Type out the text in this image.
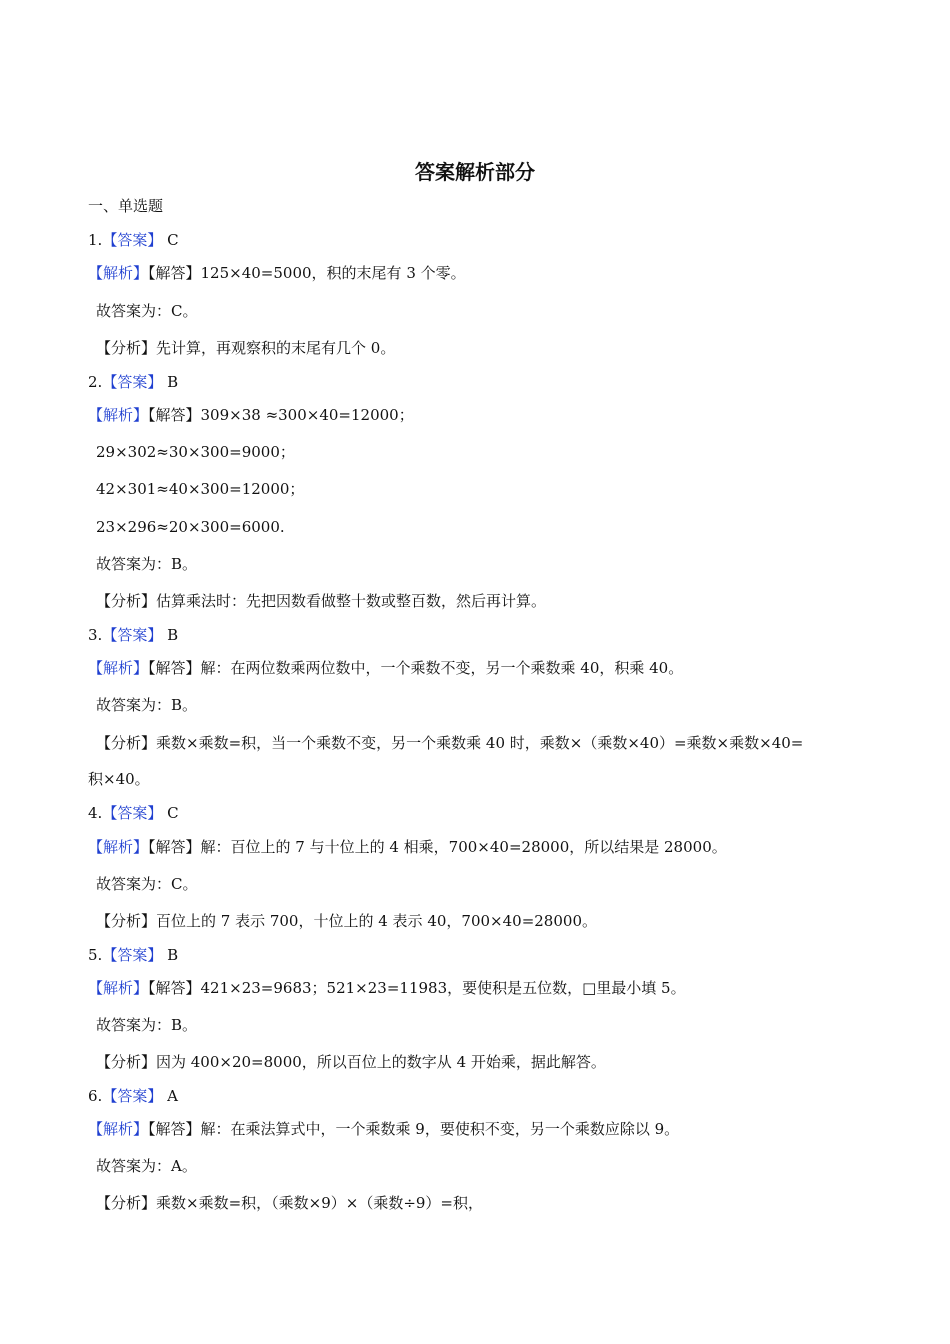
答案解析部分
一、单选题
1.【答案】 C
【解析】【解答】125×40=5000，积的末尾有 3 个零。
故答案为：C。
【分析】先计算，再观察积的末尾有几个 0。
2.【答案】 B
【解析】【解答】309×38 ≈300×40=12000；
29×302≈30×300=9000；
42×301≈40×300=12000；
23×296≈20×300=6000.
故答案为：B。
【分析】估算乘法时：先把因数看做整十数或整百数，然后再计算。
3.【答案】 B
【解析】【解答】解：在两位数乘两位数中，一个乘数不变，另一个乘数乘 40，积乘 40。
故答案为：B。
【分析】乘数×乘数=积，当一个乘数不变，另一个乘数乘 40 时，乘数×（乘数×40）=乘数×乘数×40=
积×40。
4.【答案】 C
【解析】【解答】解：百位上的 7 与十位上的 4 相乘，700×40=28000，所以结果是 28000。
故答案为：C。
【分析】百位上的 7 表示 700，十位上的 4 表示 40，700×40=28000。
5.【答案】 B
【解析】【解答】421×23=9683；521×23=11983，要使积是五位数，□里最小填 5。
故答案为：B。
【分析】因为 400×20=8000，所以百位上的数字从 4 开始乘，据此解答。
6.【答案】 A
【解析】【解答】解：在乘法算式中，一个乘数乘 9，要使积不变，另一个乘数应除以 9。
故答案为：A。
【分析】乘数×乘数=积，（乘数×9）×（乘数÷9）=积，
